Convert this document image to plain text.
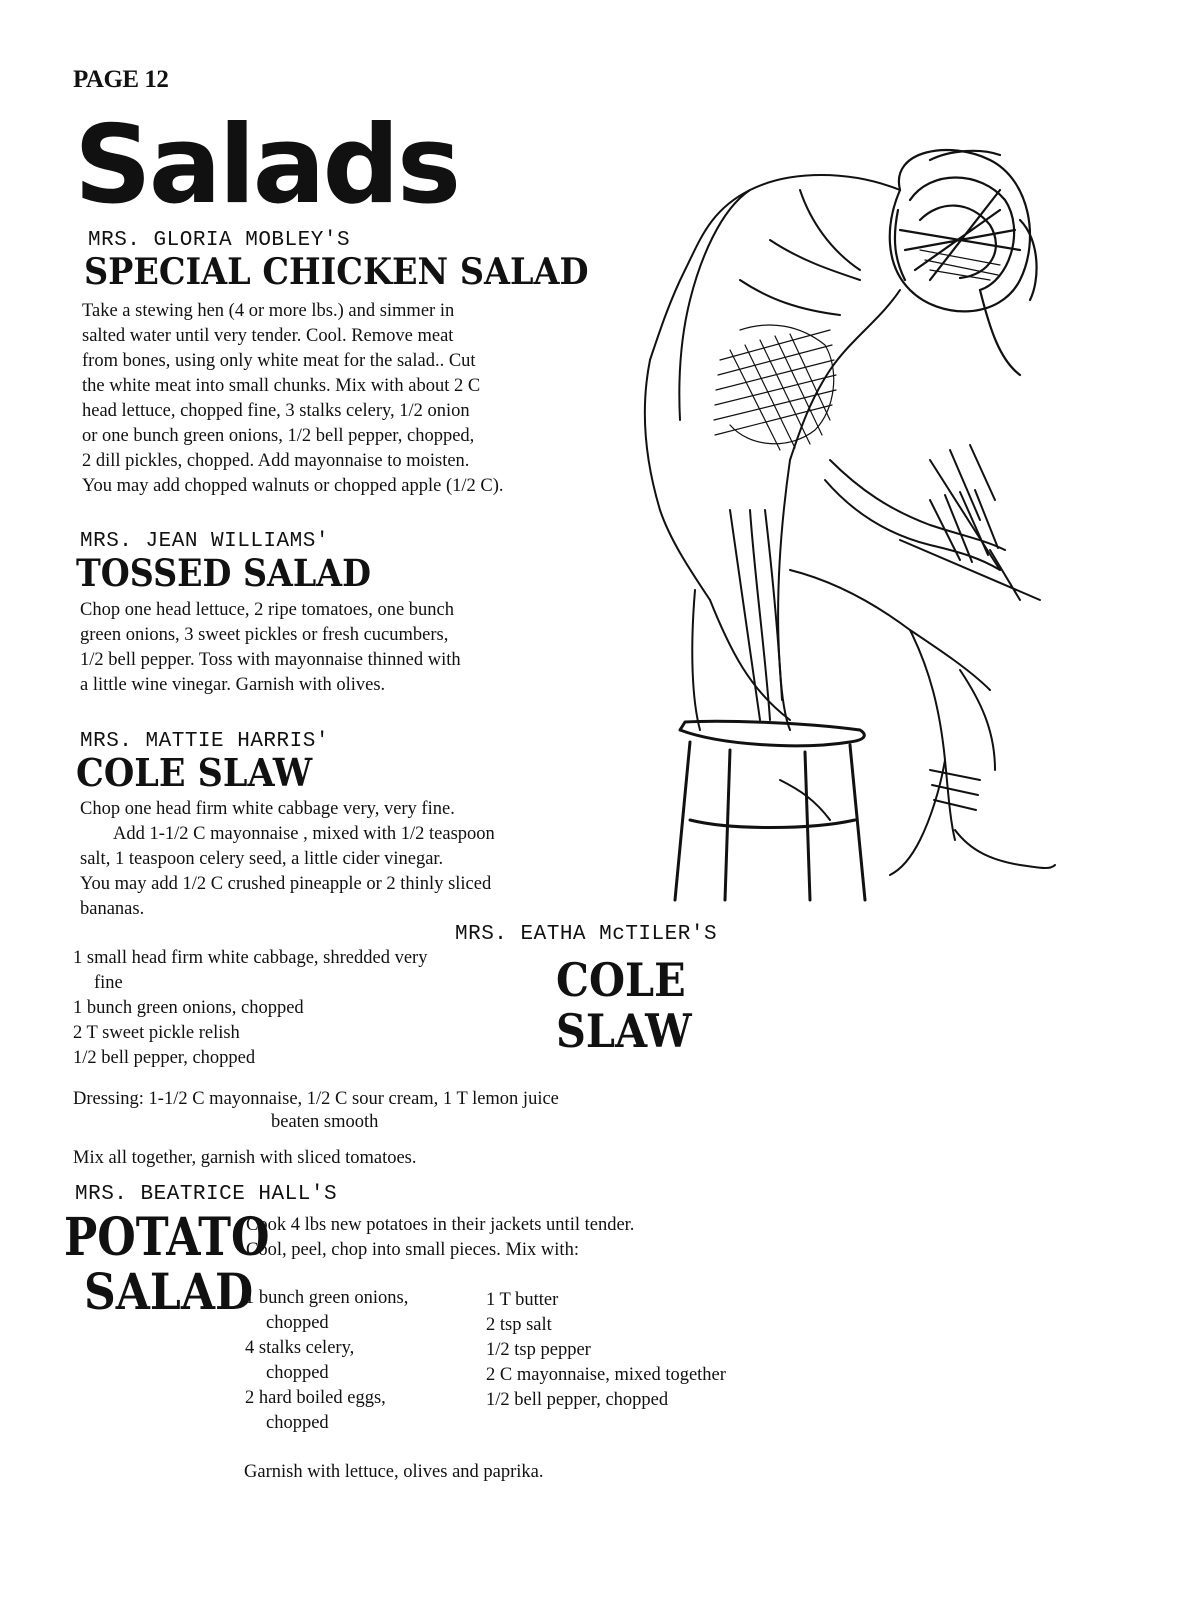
PAGE 12
Salads
MRS. GLORIA MOBLEY'S
SPECIAL CHICKEN SALAD

Take a stewing hen (4 or more lbs.) and simmer in

salted water until very tender. Cool. Remove meat

from bones, using only white meat for the salad.. Cut

the white meat into small chunks. Mix with about 2 C

head lettuce, chopped fine, 3 stalks celery, 1/2 onion

or one bunch green onions, 1/2 bell pepper, chopped,

2 dill pickles, chopped. Add mayonnaise to moisten.

You may add chopped walnuts or chopped apple (1/2 C).

MRS. JEAN WILLIAMS'
TOSSED SALAD

Chop one head lettuce, 2 ripe tomatoes, one bunch

green onions, 3 sweet pickles or fresh cucumbers,

1/2 bell pepper. Toss with mayonnaise thinned with

a little wine vinegar. Garnish with olives.

MRS. MATTIE HARRIS'
COLE SLAW

Chop one head firm white cabbage very, very fine.

Add 1-1/2 C mayonnaise , mixed with 1/2 teaspoon

salt, 1 teaspoon celery seed, a little cider vinegar.

You may add 1/2 C crushed pineapple or 2 thinly sliced

bananas.

MRS. EATHA McTILER'S
COLE
SLAW
1 small head firm white cabbage, shredded very
fine
1 bunch green onions, chopped
2 T sweet pickle relish
1/2 bell pepper, chopped
Dressing: 1-1/2 C mayonnaise, 1/2 C sour cream, 1 T lemon juice
beaten smooth
Mix all together, garnish with sliced tomatoes.
MRS. BEATRICE HALL'S
POTATO
SALAD
Cook 4 lbs new potatoes in their jackets until tender.
Cool, peel, chop into small pieces. Mix with:
1 bunch green onions,
chopped
4 stalks celery,
chopped
2 hard boiled eggs,
chopped
1 T butter
2 tsp salt
1/2 tsp pepper
2 C mayonnaise, mixed together
1/2 bell pepper, chopped
Garnish with lettuce, olives and paprika.
